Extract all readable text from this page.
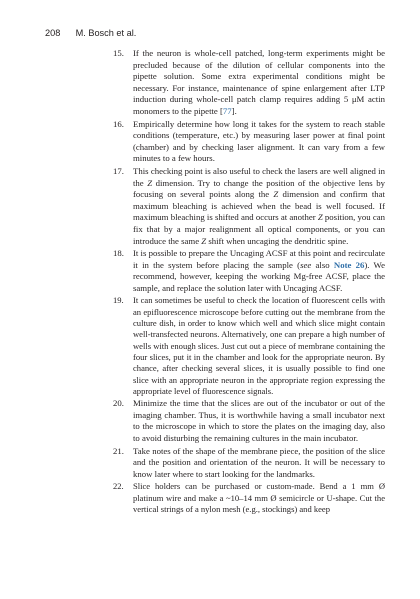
208 M. Bosch et al.
15. If the neuron is whole-cell patched, long-term experiments might be precluded because of the dilution of cellular components into the pipette solution. Some extra experimental conditions might be necessary. For instance, maintenance of spine enlargement after LTP induction during whole-cell patch clamp requires adding 5 μM actin monomers to the pipette [77].
16. Empirically determine how long it takes for the system to reach stable conditions (temperature, etc.) by measuring laser power at final point (chamber) and by checking laser alignment. It can vary from a few minutes to a few hours.
17. This checking point is also useful to check the lasers are well aligned in the Z dimension. Try to change the position of the objective lens by focusing on several points along the Z dimension and confirm that maximum bleaching is achieved when the bead is well focused. If maximum bleaching is shifted and occurs at another Z position, you can fix that by a major realignment all optical components, or you can introduce the same Z shift when uncaging the dendritic spine.
18. It is possible to prepare the Uncaging ACSF at this point and recirculate it in the system before placing the sample (see also Note 26). We recommend, however, keeping the working Mg-free ACSF, place the sample, and replace the solution later with Uncaging ACSF.
19. It can sometimes be useful to check the location of fluorescent cells with an epifluorescence microscope before cutting out the membrane from the culture dish, in order to know which well and which slice might contain well-transfected neurons. Alternatively, one can prepare a high number of wells with enough slices. Just cut out a piece of membrane containing the four slices, put it in the chamber and look for the appropriate neuron. By chance, after checking several slices, it is usually possible to find one slice with an appropriate neuron in the appropriate region expressing the appropriate level of fluorescence signals.
20. Minimize the time that the slices are out of the incubator or out of the imaging chamber. Thus, it is worthwhile having a small incubator next to the microscope in which to store the plates on the imaging day, also to avoid disturbing the remaining cultures in the main incubator.
21. Take notes of the shape of the membrane piece, the position of the slice and the position and orientation of the neuron. It will be necessary to know later where to start looking for the landmarks.
22. Slice holders can be purchased or custom-made. Bend a 1 mm Ø platinum wire and make a ~10–14 mm Ø semicircle or U-shape. Cut the vertical strings of a nylon mesh (e.g., stockings) and keep
